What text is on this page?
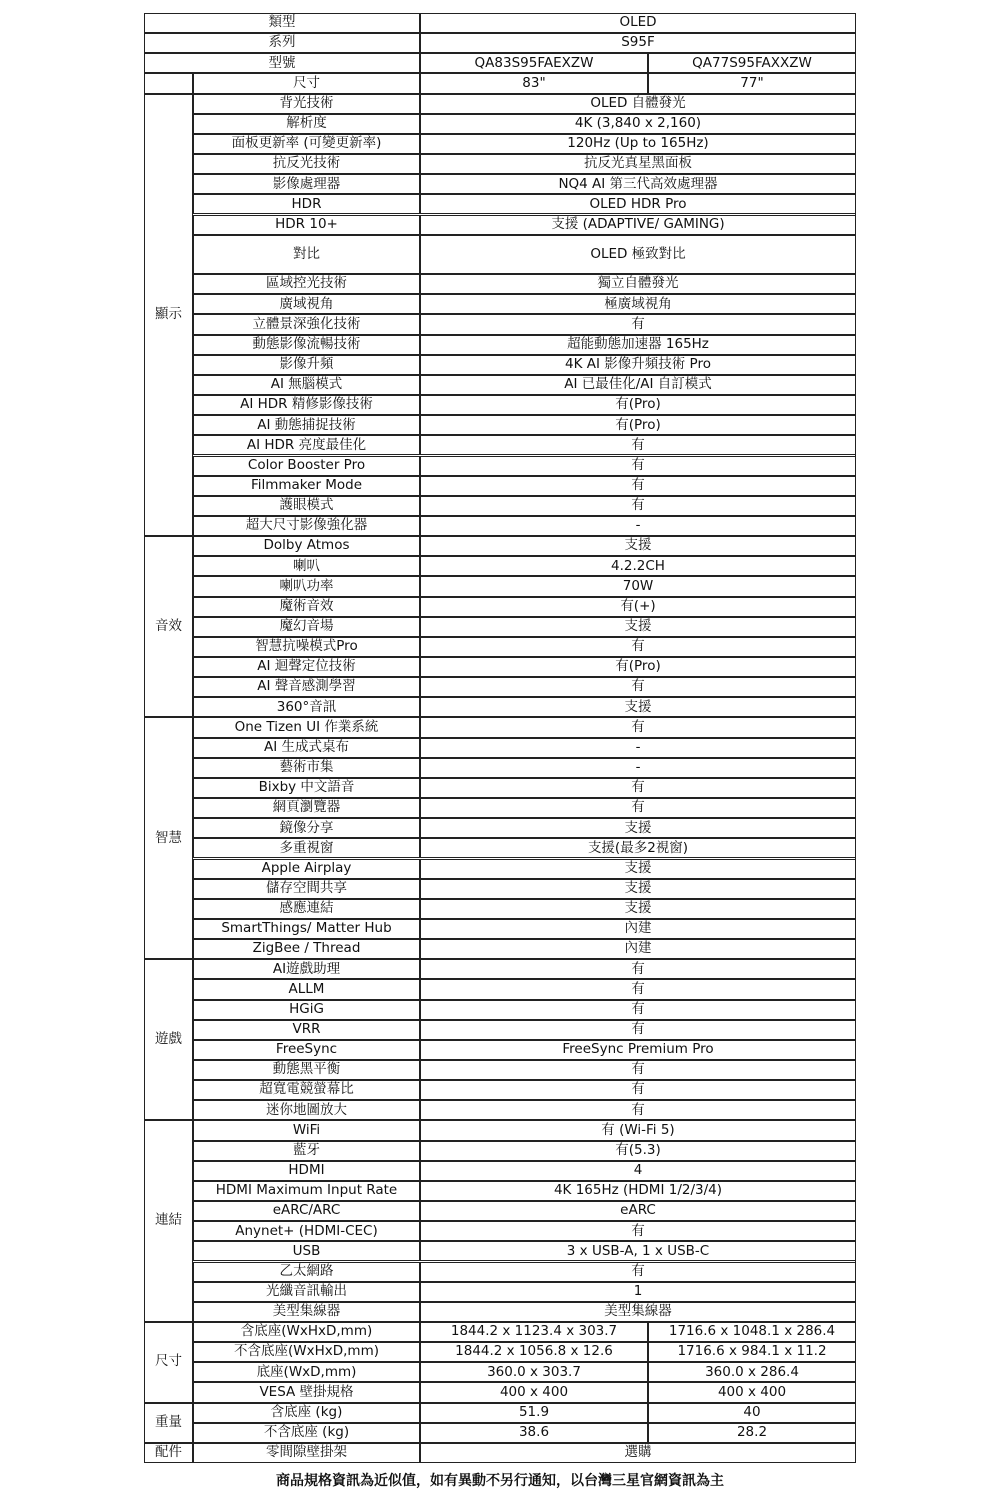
類型	OLED
系列	S95F
型號	QA83S95FAEXZW	QA77S95FAXXZW
尺寸	83"	77"
背光技術	OLED 自體發光
解析度	4K (3,840 x 2,160)
面板更新率 (可變更新率)	120Hz (Up to 165Hz)
抗反光技術	抗反光真星黑面板
影像處理器	NQ4 AI 第三代高效處理器
HDR	OLED HDR Pro
HDR 10+	支援 (ADAPTIVE/ GAMING)
對比	OLED 極致對比
區域控光技術	獨立自體發光
廣域視角	極廣域視角
立體景深強化技術	有
動態影像流暢技術	超能動態加速器 165Hz
影像升頻	4K AI 影像升頻技術 Pro
AI 無腦模式	AI 已最佳化/AI 自訂模式
AI HDR 精修影像技術	有(Pro)
AI 動態捕捉技術	有(Pro)
AI HDR 亮度最佳化	有
Color Booster Pro	有
Filmmaker Mode	有
護眼模式	有
超大尺寸影像強化器	-
顯示
Dolby Atmos	支援
喇叭	4.2.2CH
喇叭功率	70W
魔術音效	有(+)
魔幻音場	支援
智慧抗噪模式Pro	有
AI 迴聲定位技術	有(Pro)
AI 聲音感測學習	有
360°音訊	支援
音效
One Tizen UI 作業系統	有
AI 生成式桌布	-
藝術市集	-
Bixby 中文語音	有
網頁瀏覽器	有
鏡像分享	支援
多重視窗	支援(最多2視窗)
Apple Airplay	支援
儲存空間共享	支援
感應連結	支援
SmartThings/ Matter Hub	內建
ZigBee / Thread	內建
智慧
AI遊戲助理	有
ALLM	有
HGiG	有
VRR	有
FreeSync	FreeSync Premium Pro
動態黑平衡	有
超寬電競螢幕比	有
迷你地圖放大	有
遊戲
WiFi	有 (Wi-Fi 5)
藍牙	有(5.3)
HDMI	4
HDMI Maximum Input Rate	4K 165Hz (HDMI 1/2/3/4)
eARC/ARC	eARC
Anynet+ (HDMI-CEC)	有
USB	3 x USB-A, 1 x USB-C
乙太網路	有
光纖音訊輸出	1
美型集線器	美型集線器
連結
含底座(WxHxD,mm)	1844.2 x 1123.4 x 303.7	1716.6 x 1048.1 x 286.4
不含底座(WxHxD,mm)	1844.2 x 1056.8 x 12.6	1716.6 x 984.1 x 11.2
底座(WxD,mm)	360.0 x 303.7	360.0 x 286.4
VESA 壁掛規格	400 x 400	400 x 400
尺寸
含底座 (kg)	51.9	40
不含底座 (kg)	38.6	28.2
重量
零間隙壁掛架	選購
配件
商品規格資訊為近似值，如有異動不另行通知，以台灣三星官網資訊為主
